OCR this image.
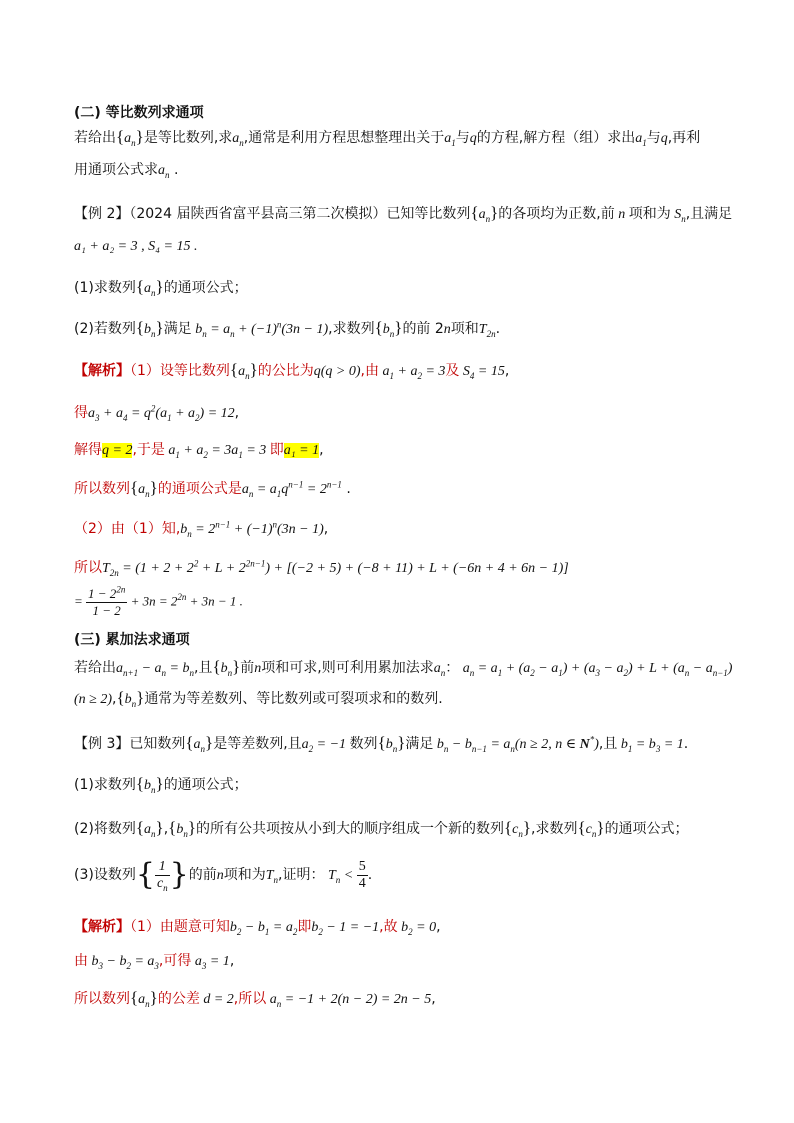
(二) 等比数列求通项
若给出$\{a_n\}$是等比数列,求$a_n$,通常是利用方程思想整理出关于$a_1$与q的方程,解方程（组）求出$a_1$与q,再利
用通项公式求$a_n$ .
【例 2】（2024 届陕西省富平县高三第二次模拟）已知等比数列$\{a_n\}$的各项均为正数,前 n 项和为 $S_n$,且满足
a₁ + a₂ = 3 , S₄ = 15 .
(1)求数列$\{a_n\}$的通项公式；
(2)若数列$\{b_n\}$满足 $b_n = a_n + (-1)^n(3n - 1)$,求数列$\{b_n\}$的前 2n项和$T_{2n}$.
【解析】（1）设等比数列$\{a_n\}$的公比为q(q > 0),由 $a_1 + a_2 = 3$及 $S_4 = 15$,
得$a_3 + a_4 = q^2(a_1 + a_2) = 12$,
解得q = 2,于是 $a_1 + a_2 = 3a_1 = 3$ 即a₁ = 1,
所以数列$\{a_n\}$的通项公式是$a_n = a_1q^{n-1} = 2^{n-1}$ .
（2）由（1）知$,b_n = 2^{n-1} + (-1)^n(3n - 1)$,
所以$T_{2n} = (1 + 2 + 2^2 + L + 2^{2n-1}) + [(-2 + 5) + (-8 + 11) + L + (-6n + 4 + 6n - 1)]$
= $\frac{1 - 2^{2n}}{1 - 2} + 3n = 2^{2n} + 3n - 1$ .
(三) 累加法求通项
若给出$a_{n+1} - a_n = b_n$,且$\{b_n\}$前n项和可求,则可利用累加法求$a_n$： $a_n = a_1 + (a_2 - a_1) + (a_3 - a_2) + L + (a_n - a_{n-1})$
$(n \ge 2),\{b_n\}$通常为等差数列、等比数列或可裂项求和的数列.
【例 3】已知数列$\{a_n\}$是等差数列,且$a_2 = -1$ 数列$\{b_n\}$满足 $b_n - b_{n-1} = a_n(n \ge 2$, n ∈ N*),且 $b_1 = b_3 = 1$.
(1)求数列$\{b_n\}$的通项公式；
(2)将数列$\{a_n\},\{b_n\}$的所有公共项按从小到大的顺序组成一个新的数列$\{c_n\}$,求数列$\{c_n\}$的通项公式；
(3)设数列{ $\frac{1}{c_n}$ }的前n项和为$T_n$,证明： $T_n < \frac{5}{4}$ .
【解析】（1）由题意可知$b_2 - b_1 = a_2$即$b_2 - 1 = -1$,故 $b_2 = 0$,
由 $b_3 - b_2 = a_3$,可得 $a_3 = 1$,
所以数列$\{a_n\}$的公差 d = 2,所以 $a_n = -1 + 2(n - 2) = 2n - 5$,
